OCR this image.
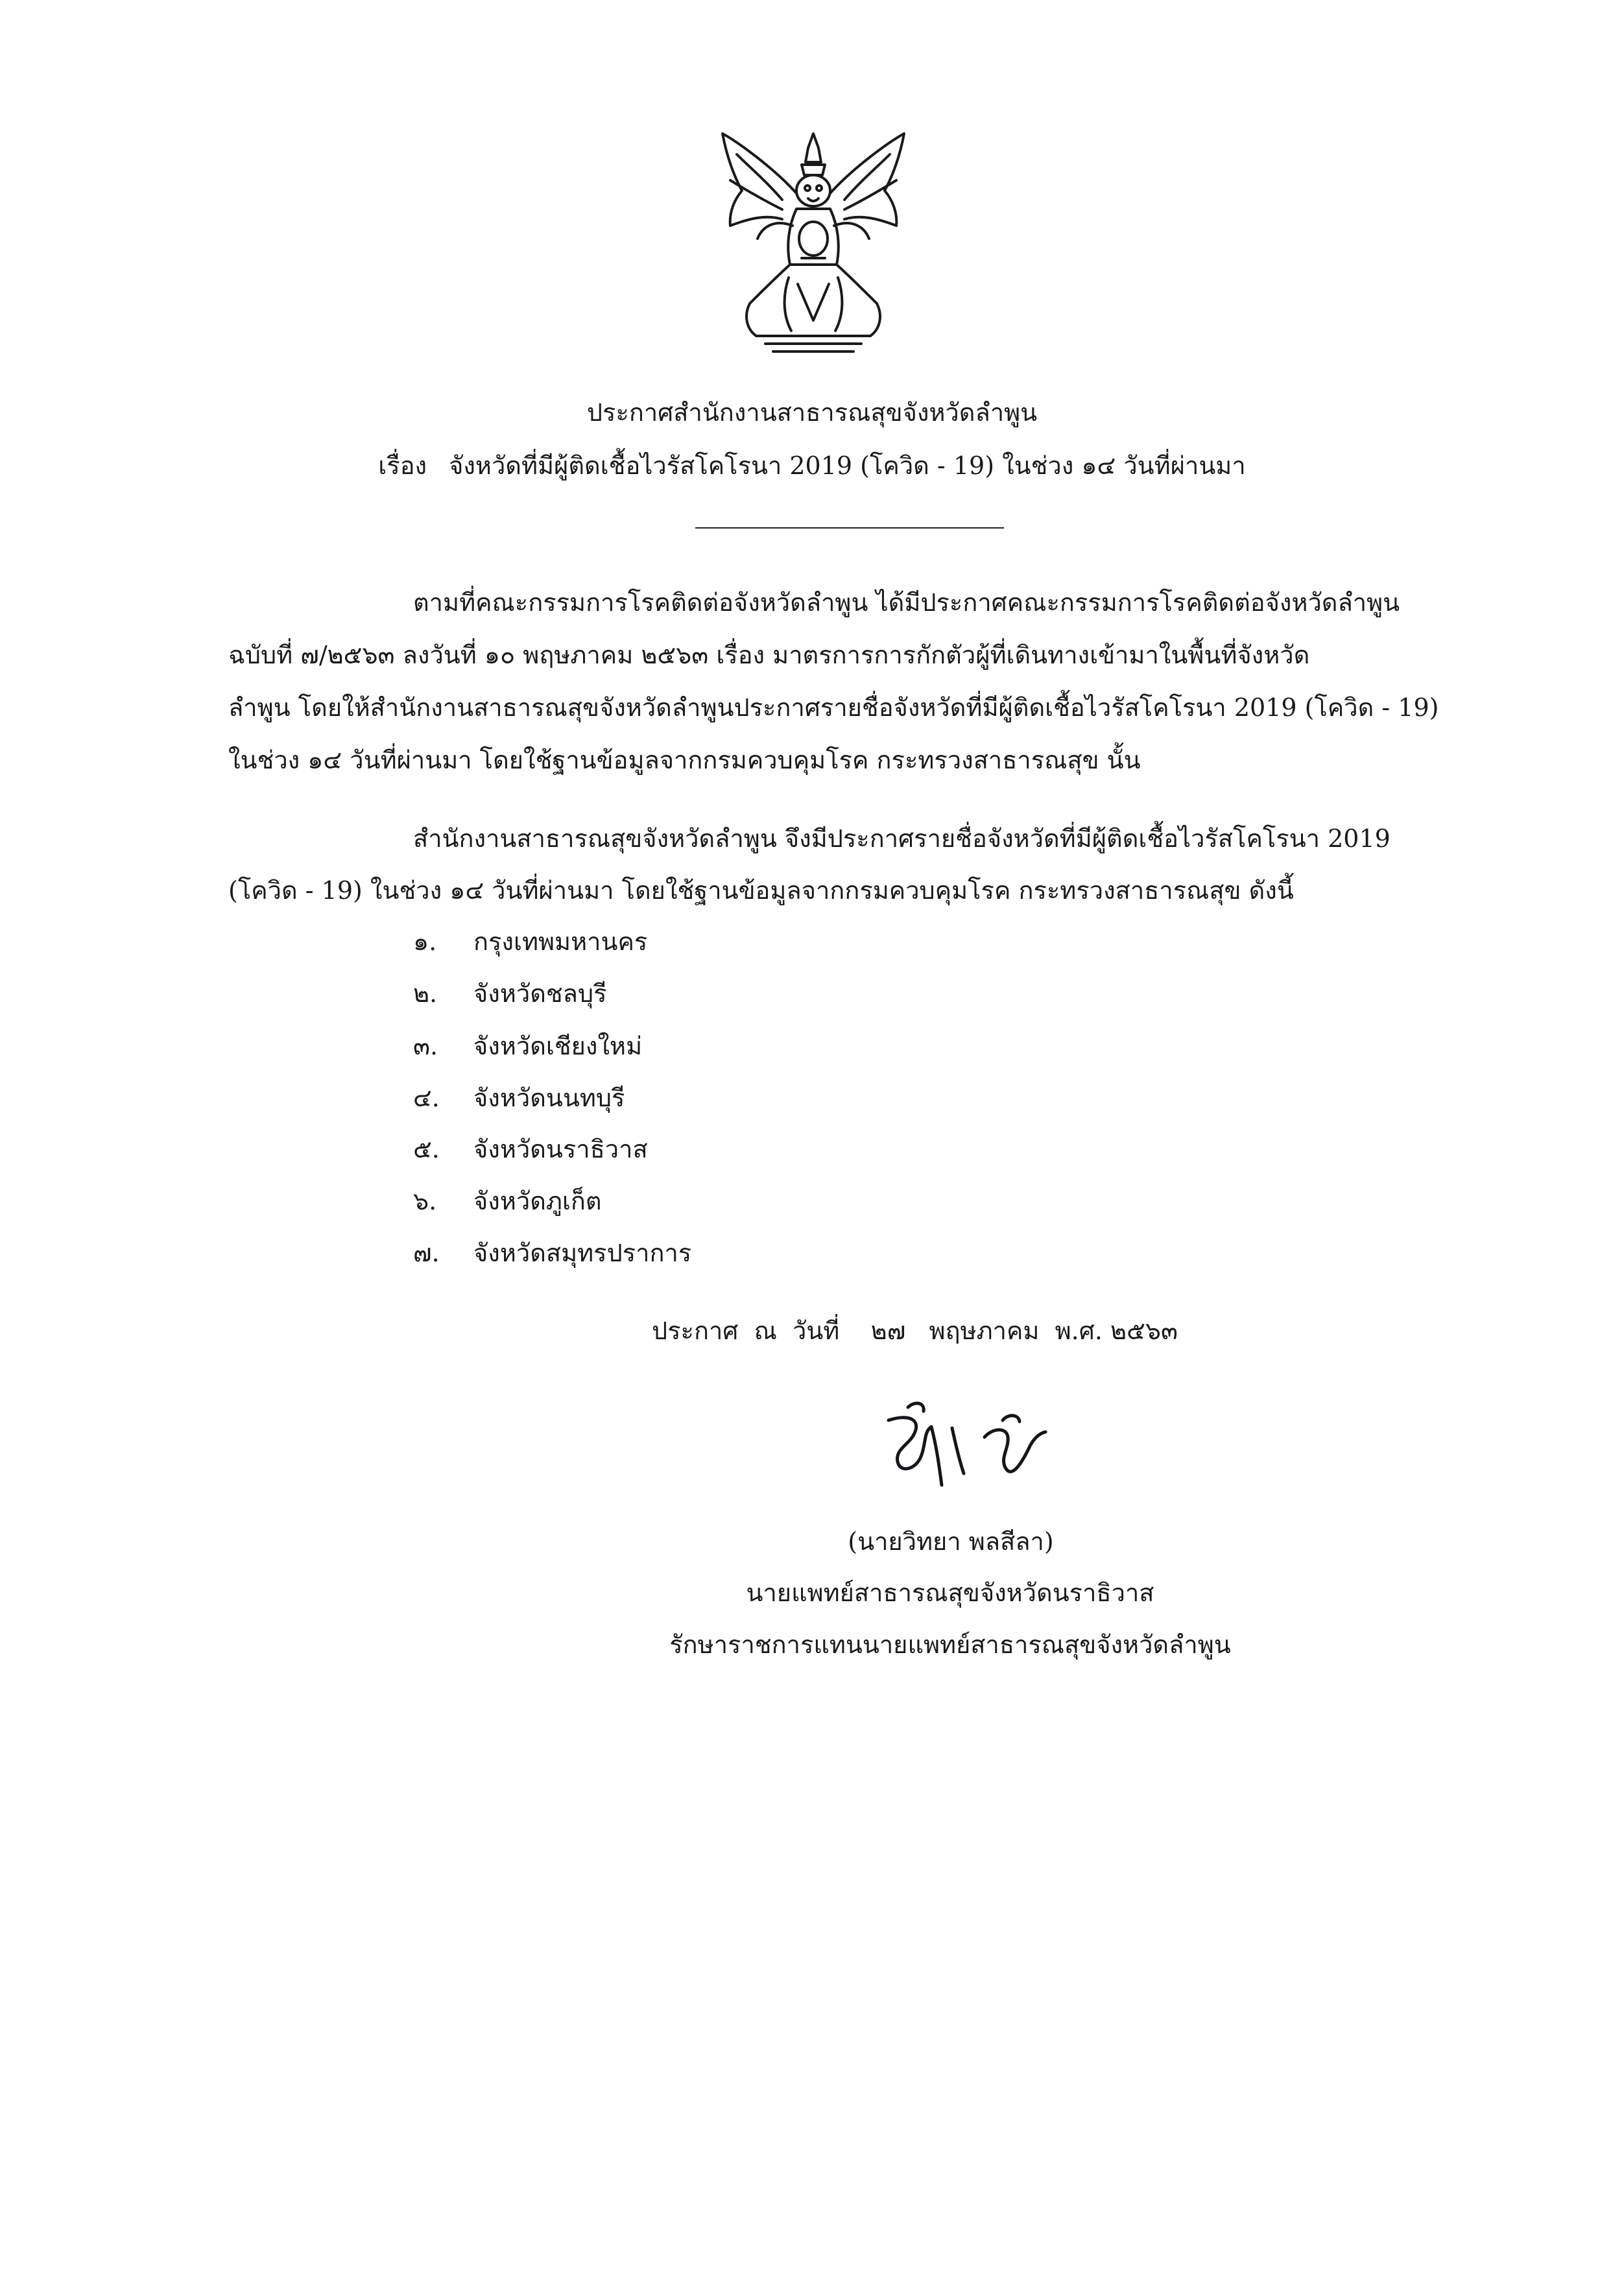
ประกาศสำนักงานสาธารณสุขจังหวัดลำพูน
เรื่อง จังหวัดที่มีผู้ติดเชื้อไวรัสโคโรนา 2019 (โควิด - 19) ในช่วง ๑๔ วันที่ผ่านมา
ตามที่คณะกรรมการโรคติดต่อจังหวัดลำพูน ได้มีประกาศคณะกรรมการโรคติดต่อจังหวัดลำพูน
ฉบับที่ ๗/๒๕๖๓ ลงวันที่ ๑๐ พฤษภาคม ๒๕๖๓ เรื่อง มาตรการการกักตัวผู้ที่เดินทางเข้ามาในพื้นที่จังหวัด
ลำพูน โดยให้สำนักงานสาธารณสุขจังหวัดลำพูนประกาศรายชื่อจังหวัดที่มีผู้ติดเชื้อไวรัสโคโรนา 2019 (โควิด - 19)
ในช่วง ๑๔ วันที่ผ่านมา โดยใช้ฐานข้อมูลจากกรมควบคุมโรค กระทรวงสาธารณสุข นั้น
สำนักงานสาธารณสุขจังหวัดลำพูน จึงมีประกาศรายชื่อจังหวัดที่มีผู้ติดเชื้อไวรัสโคโรนา 2019
(โควิด - 19) ในช่วง ๑๔ วันที่ผ่านมา โดยใช้ฐานข้อมูลจากกรมควบคุมโรค กระทรวงสาธารณสุข ดังนี้
๑. กรุงเทพมหานคร
๒. จังหวัดชลบุรี
๓. จังหวัดเชียงใหม่
๔. จังหวัดนนทบุรี
๕. จังหวัดนราธิวาส
๖. จังหวัดภูเก็ต
๗. จังหวัดสมุทรปราการ
ประกาศ  ณ  วันที่    ๒๗   พฤษภาคม  พ.ศ. ๒๕๖๓
(นายวิทยา พลสีลา)
นายแพทย์สาธารณสุขจังหวัดนราธิวาส
รักษาราชการแทนนายแพทย์สาธารณสุขจังหวัดลำพูน
